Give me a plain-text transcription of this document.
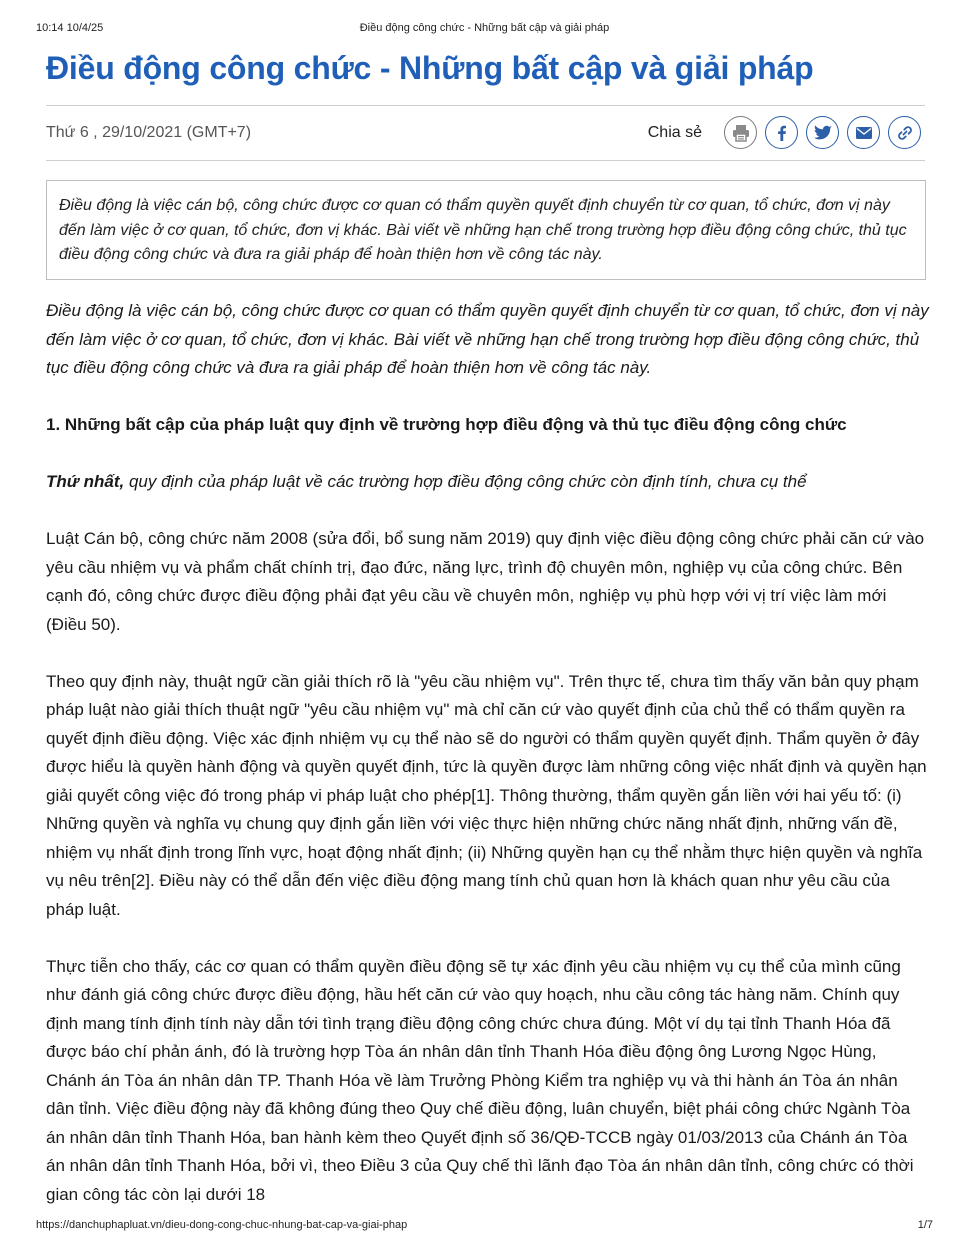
10:14 10/4/25	Điều động công chức - Những bất cập và giải pháp
Điều động công chức - Những bất cập và giải pháp
Thứ 6 , 29/10/2021 (GMT+7)	Chia sẻ
Điều động là việc cán bộ, công chức được cơ quan có thẩm quyền quyết định chuyển từ cơ quan, tổ chức, đơn vị này đến làm việc ở cơ quan, tổ chức, đơn vị khác. Bài viết về những hạn chế trong trường hợp điều động công chức, thủ tục điều động công chức và đưa ra giải pháp để hoàn thiện hơn về công tác này.

Điều động là việc cán bộ, công chức được cơ quan có thẩm quyền quyết định chuyển từ cơ quan, tổ chức, đơn vị này đến làm việc ở cơ quan, tổ chức, đơn vị khác. Bài viết về những hạn chế trong trường hợp điều động công chức, thủ tục điều động công chức và đưa ra giải pháp để hoàn thiện hơn về công tác này.

1. Những bất cập của pháp luật quy định về trường hợp điều động và thủ tục điều động công chức

Thứ nhất, quy định của pháp luật về các trường hợp điều động công chức còn định tính, chưa cụ thể

Luật Cán bộ, công chức năm 2008 (sửa đổi, bổ sung năm 2019) quy định việc điều động công chức phải căn cứ vào yêu cầu nhiệm vụ và phẩm chất chính trị, đạo đức, năng lực, trình độ chuyên môn, nghiệp vụ của công chức. Bên cạnh đó, công chức được điều động phải đạt yêu cầu về chuyên môn, nghiệp vụ phù hợp với vị trí việc làm mới (Điều 50).

Theo quy định này, thuật ngữ cần giải thích rõ là "yêu cầu nhiệm vụ". Trên thực tế, chưa tìm thấy văn bản quy phạm pháp luật nào giải thích thuật ngữ "yêu cầu nhiệm vụ" mà chỉ căn cứ vào quyết định của chủ thể có thẩm quyền ra quyết định điều động. Việc xác định nhiệm vụ cụ thể nào sẽ do người có thẩm quyền quyết định. Thẩm quyền ở đây được hiểu là quyền hành động và quyền quyết định, tức là quyền được làm những công việc nhất định và quyền hạn giải quyết công việc đó trong pháp vi pháp luật cho phép[1]. Thông thường, thẩm quyền gắn liền với hai yếu tố: (i) Những quyền và nghĩa vụ chung quy định gắn liền với việc thực hiện những chức năng nhất định, những vấn đề, nhiệm vụ nhất định trong lĩnh vực, hoạt động nhất định; (ii) Những quyền hạn cụ thể nhằm thực hiện quyền và nghĩa vụ nêu trên[2]. Điều này có thể dẫn đến việc điều động mang tính chủ quan hơn là khách quan như yêu cầu của pháp luật.

Thực tiễn cho thấy, các cơ quan có thẩm quyền điều động sẽ tự xác định yêu cầu nhiệm vụ cụ thể của mình cũng như đánh giá công chức được điều động, hầu hết căn cứ vào quy hoạch, nhu cầu công tác hàng năm. Chính quy định mang tính định tính này dẫn tới tình trạng điều động công chức chưa đúng. Một ví dụ tại tỉnh Thanh Hóa đã được báo chí phản ánh, đó là trường hợp Tòa án nhân dân tỉnh Thanh Hóa điều động ông Lương Ngọc Hùng, Chánh án Tòa án nhân dân TP. Thanh Hóa về làm Trưởng Phòng Kiểm tra nghiệp vụ và thi hành án Tòa án nhân dân tỉnh. Việc điều động này đã không đúng theo Quy chế điều động, luân chuyển, biệt phái công chức Ngành Tòa án nhân dân tỉnh Thanh Hóa, ban hành kèm theo Quyết định số 36/QĐ-TCCB ngày 01/03/2013 của Chánh án Tòa án nhân dân tỉnh Thanh Hóa, bởi vì, theo Điều 3 của Quy chế thì lãnh đạo Tòa án nhân dân tỉnh, công chức có thời gian công tác còn lại dưới 18

https://danchuphapluat.vn/dieu-dong-cong-chuc-nhung-bat-cap-va-giai-phap	1/7
